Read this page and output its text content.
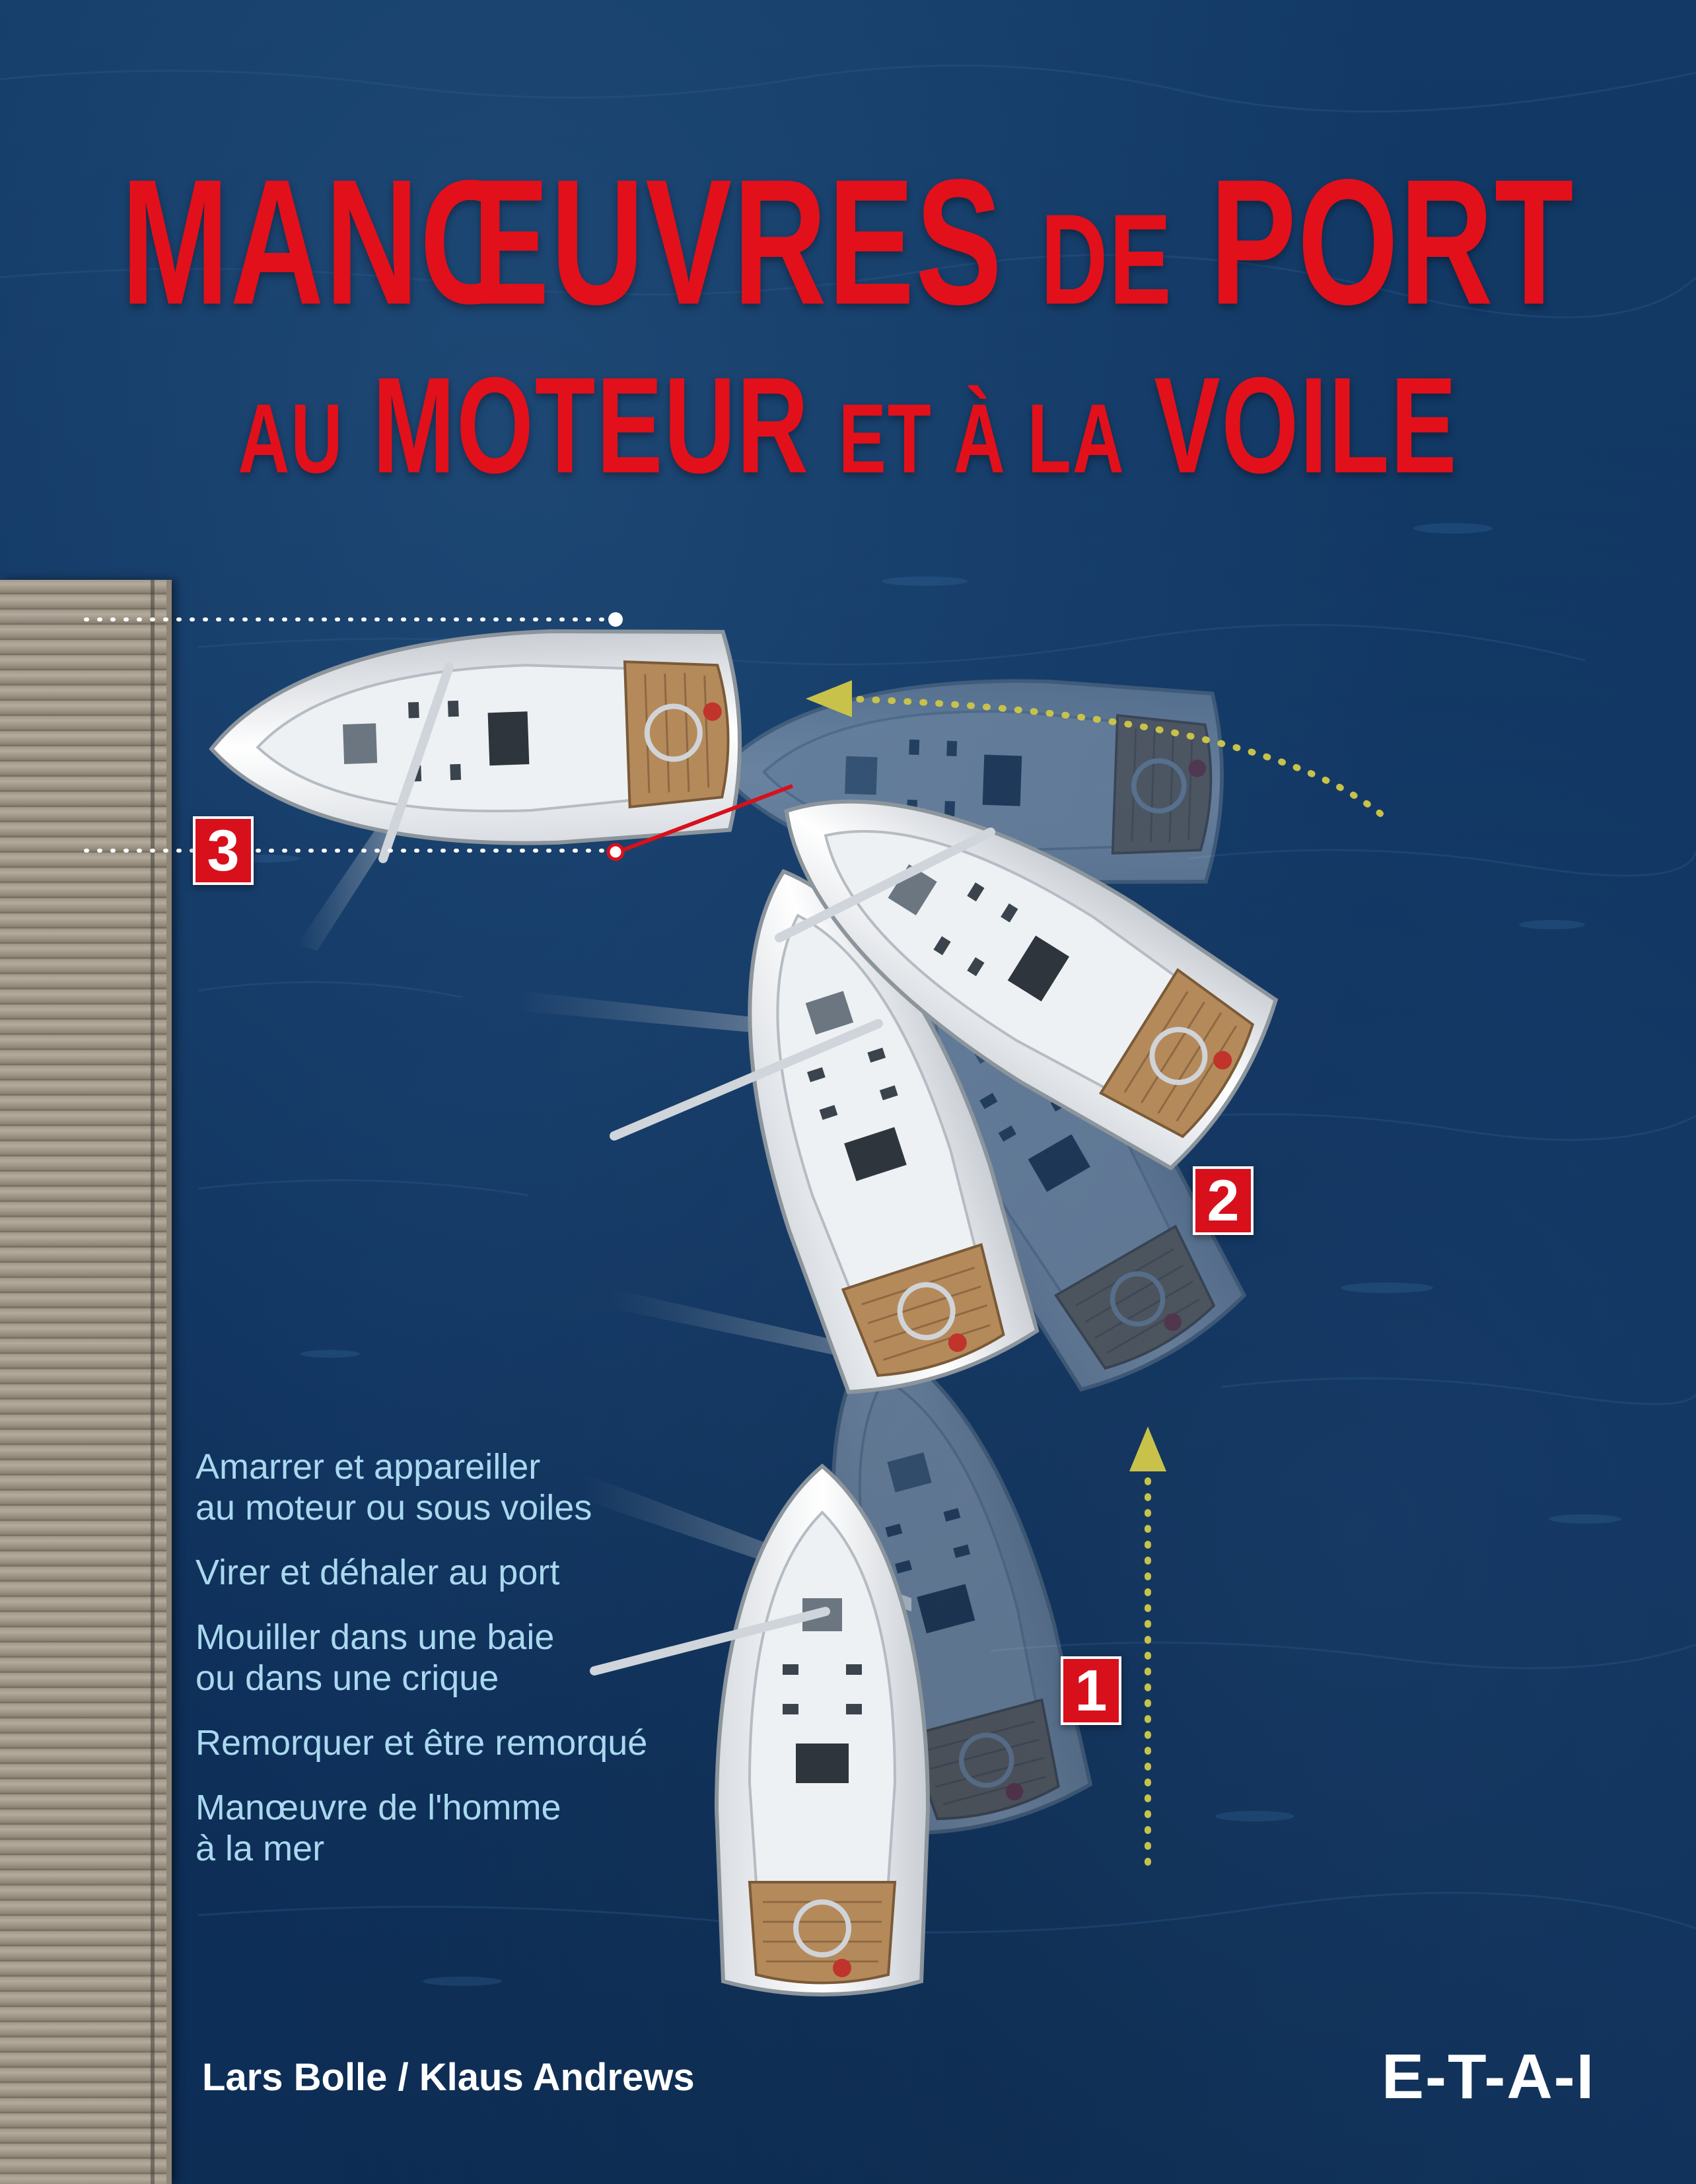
MANŒUVRES DE PORT
AU MOTEUR ET À LA VOILE
3
2
1
Amarrer et appareiller
au moteur ou sous voiles
Virer et déhaler au port
Mouiller dans une baie
ou dans une crique
Remorquer et être remorqué
Manœuvre de l'homme
à la mer
Lars Bolle / Klaus Andrews	E-T-A-I
